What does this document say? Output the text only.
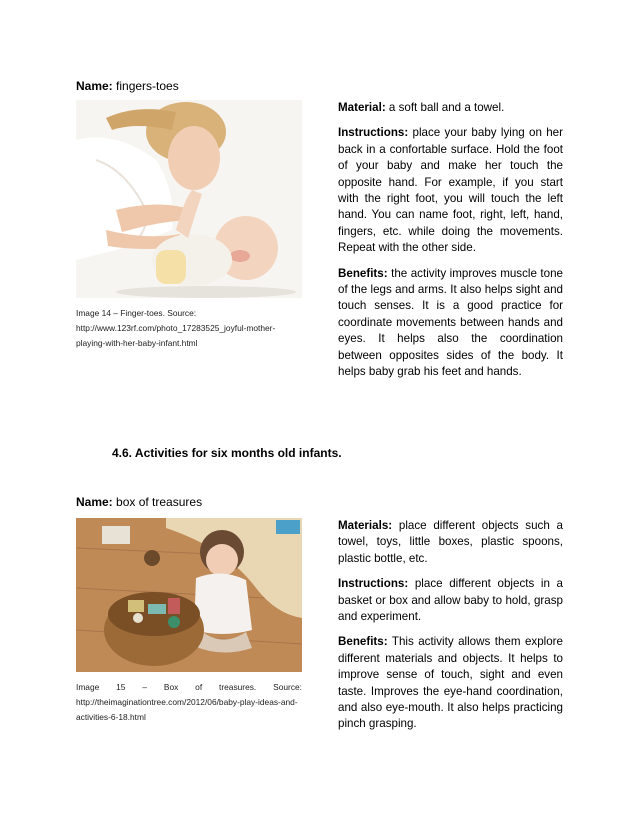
Name: fingers-toes
Image 14 – Finger-toes. Source: http://www.123rf.com/photo_17283525_joyful-mother-playing-with-her-baby-infant.html

Material: a soft ball and a towel.

Instructions: place your baby lying on her back in a confortable surface. Hold the foot of your baby and make her touch the opposite hand. For example, if you start with the right foot, you will touch the left hand. You can name foot, right, left, hand, fingers, etc. while doing the movements. Repeat with the other side.

Benefits: the activity improves muscle tone of the legs and arms. It also helps sight and touch senses. It is a good practice for coordinate movements between hands and eyes. It helps also the coordination between opposites sides of the body. It helps baby grab his feet and hands.

4.6. Activities for six months old infants.
Name: box of treasures
Image 15 – Box of treasures. Source: http://theimaginationtree.com/2012/06/baby-play-ideas-and-activities-6-18.html

Materials: place different objects such a towel, toys, little boxes, plastic spoons, plastic bottle, etc.

Instructions: place different objects in a basket or box and allow baby to hold, grasp and experiment.

Benefits: This activity allows them explore different materials and objects. It helps to improve sense of touch, sight and even taste. Improves the eye-hand coordination, and also eye-mouth. It also helps practicing pinch grasping.
